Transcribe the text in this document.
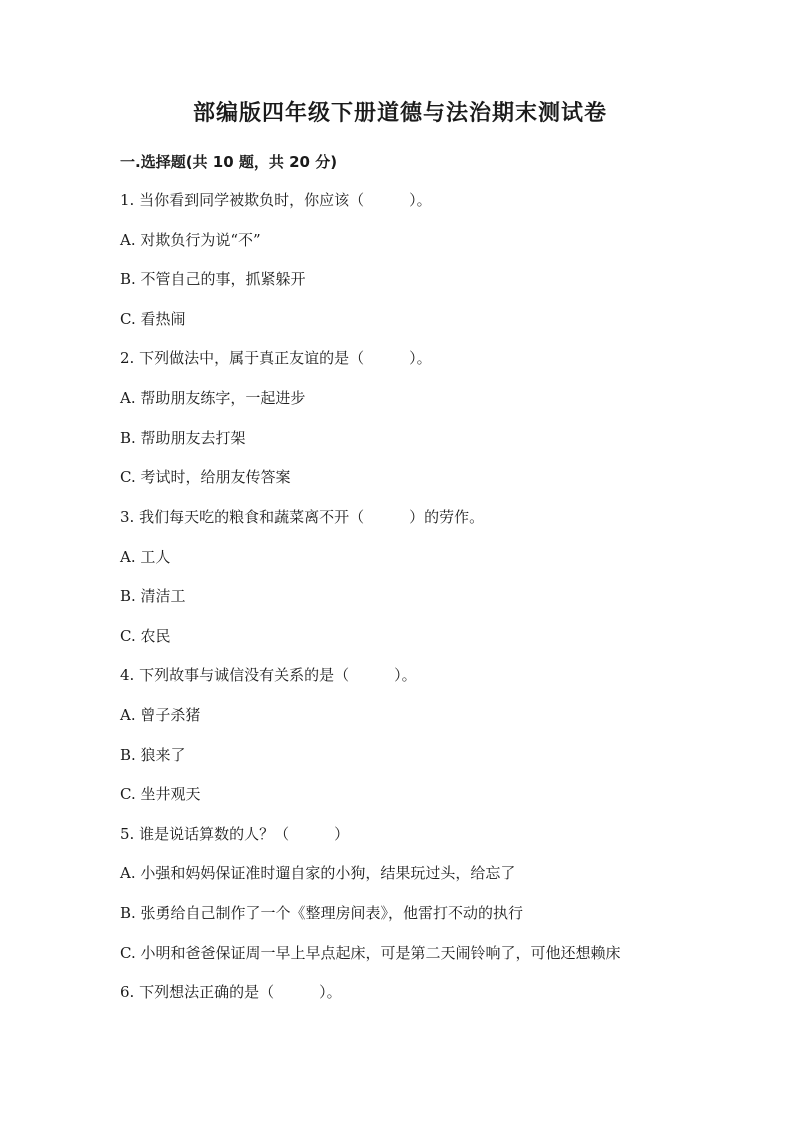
部编版四年级下册道德与法治期末测试卷
一.选择题(共 10 题，共 20 分)
1. 当你看到同学被欺负时，你应该（　　　）。
A. 对欺负行为说“不”
B. 不管自己的事，抓紧躲开
C. 看热闹
2. 下列做法中，属于真正友谊的是（　　　）。
A. 帮助朋友练字，一起进步
B. 帮助朋友去打架
C. 考试时，给朋友传答案
3. 我们每天吃的粮食和蔬菜离不开（　　　）的劳作。
A. 工人
B. 清洁工
C. 农民
4. 下列故事与诚信没有关系的是（　　　）。
A. 曾子杀猪
B. 狼来了
C. 坐井观天
5. 谁是说话算数的人？（　　　）
A. 小强和妈妈保证准时遛自家的小狗，结果玩过头，给忘了
B. 张勇给自己制作了一个《整理房间表》，他雷打不动的执行
C. 小明和爸爸保证周一早上早点起床，可是第二天闹铃响了，可他还想赖床
6. 下列想法正确的是（　　　）。
